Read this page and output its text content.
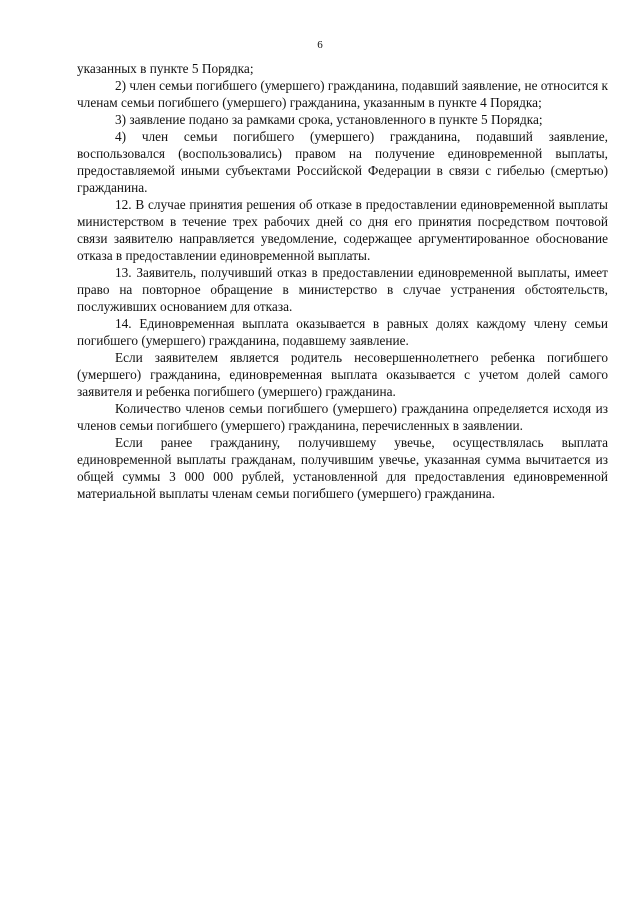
6

указанных в пункте 5 Порядка;

2) член семьи погибшего (умершего) гражданина, подавший заявление, не относится к членам семьи погибшего (умершего) гражданина, указанным в пункте 4 Порядка;

3) заявление подано за рамками срока, установленного в пункте 5 Порядка;

4) член семьи погибшего (умершего) гражданина, подавший заявление, воспользовался (воспользовались) правом на получение единовременной выплаты, предоставляемой иными субъектами Российской Федерации в связи с гибелью (смертью) гражданина.

12. В случае принятия решения об отказе в предоставлении единовременной выплаты министерством в течение трех рабочих дней со дня его принятия посредством почтовой связи заявителю направляется уведомление, содержащее аргументированное обоснование отказа в предоставлении единовременной выплаты.

13. Заявитель, получивший отказ в предоставлении единовременной выплаты, имеет право на повторное обращение в министерство в случае устранения обстоятельств, послуживших основанием для отказа.

14. Единовременная выплата оказывается в равных долях каждому члену семьи погибшего (умершего) гражданина, подавшему заявление.

Если заявителем является родитель несовершеннолетнего ребенка погибшего (умершего) гражданина, единовременная выплата оказывается с учетом долей самого заявителя и ребенка погибшего (умершего) гражданина.

Количество членов семьи погибшего (умершего) гражданина определяется исходя из членов семьи погибшего (умершего) гражданина, перечисленных в заявлении.

Если ранее гражданину, получившему увечье, осуществлялась выплата единовременной выплаты гражданам, получившим увечье, указанная сумма вычитается из общей суммы 3 000 000 рублей, установленной для предоставления единовременной материальной выплаты членам семьи погибшего (умершего) гражданина.
